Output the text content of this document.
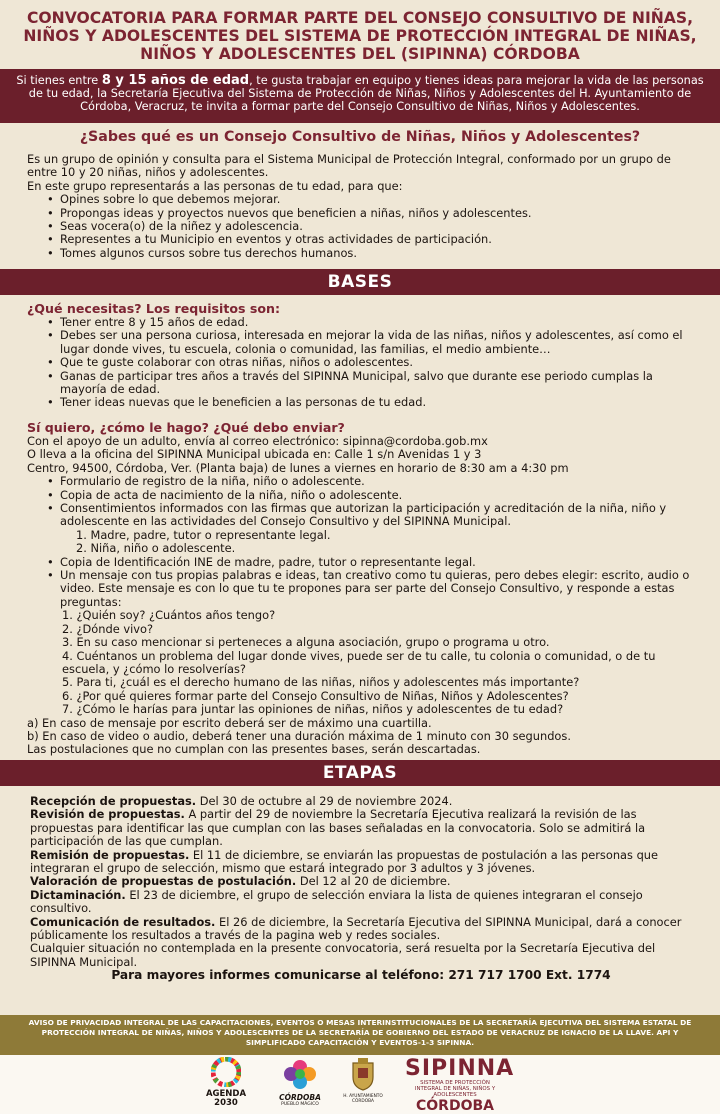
CONVOCATORIA PARA FORMAR PARTE DEL CONSEJO CONSULTIVO DE NIÑAS, NIÑOS Y ADOLESCENTES DEL SISTEMA DE PROTECCIÓN INTEGRAL DE NIÑAS, NIÑOS Y ADOLESCENTES DEL (SIPINNA) CÓRDOBA
Si tienes entre 8 y 15 años de edad, te gusta trabajar en equipo y tienes ideas para mejorar la vida de las personas de tu edad, la Secretaría Ejecutiva del Sistema de Protección de Niñas, Niños y Adolescentes del H. Ayuntamiento de Córdoba, Veracruz, te invita a formar parte del Consejo Consultivo de Niñas, Niños y Adolescentes.
¿Sabes qué es un Consejo Consultivo de Niñas, Niños y Adolescentes?

Es un grupo de opinión y consulta para el Sistema Municipal de Protección Integral, conformado por un grupo de entre 10 y 20 niñas, niños y adolescentes.

En este grupo representarás a las personas de tu edad, para que:

• Opines sobre lo que debemos mejorar.
• Propongas ideas y proyectos nuevos que beneficien a niñas, niños y adolescentes.
• Seas vocera(o) de la niñez y adolescencia.
• Representes a tu Municipio en eventos y otras actividades de participación.
• Tomes algunos cursos sobre tus derechos humanos.
BASES
¿Qué necesitas? Los requisitos son:
• Tener entre 8 y 15 años de edad.
• Debes ser una persona curiosa, interesada en mejorar la vida de las niñas, niños y adolescentes, así como el lugar donde vives, tu escuela, colonia o comunidad, las familias, el medio ambiente…
• Que te guste colaborar con otras niñas, niños o adolescentes.
• Ganas de participar tres años a través del SIPINNA Municipal, salvo que durante ese periodo cumplas la mayoría de edad.
• Tener ideas nuevas que le beneficien a las personas de tu edad.
Sí quiero, ¿cómo le hago? ¿Qué debo enviar?

Con el apoyo de un adulto, envía al correo electrónico: sipinna@cordoba.gob.mx

O lleva a la oficina del SIPINNA Municipal ubicada en: Calle 1 s/n Avenidas 1 y 3

Centro, 94500, Córdoba, Ver. (Planta baja) de lunes a viernes en horario de 8:30 am a 4:30 pm

• Formulario de registro de la niña, niño o adolescente.
• Copia de acta de nacimiento de la niña, niño o adolescente.
• Consentimientos informados con las firmas que autorizan la participación y acreditación de la niña, niño y adolescente en las actividades del Consejo Consultivo y del SIPINNA Municipal.
1. Madre, padre, tutor o representante legal.
2. Niña, niño o adolescente.
• Copia de Identificación INE de madre, padre, tutor o representante legal.
• Un mensaje con tus propias palabras e ideas, tan creativo como tu quieras, pero debes elegir: escrito, audio o video. Este mensaje es con lo que tu te propones para ser parte del Consejo Consultivo, y responde a estas preguntas:
1. ¿Quién soy? ¿Cuántos años tengo?
2. ¿Dónde vivo?
3. En su caso mencionar si perteneces a alguna asociación, grupo o programa u otro.
4. Cuéntanos un problema del lugar donde vives, puede ser de tu calle, tu colonia o comunidad, o de tu escuela, y ¿cómo lo resolverías?
5. Para ti, ¿cuál es el derecho humano de las niñas, niños y adolescentes más importante?
6. ¿Por qué quieres formar parte del Consejo Consultivo de Niñas, Niños y Adolescentes?
7. ¿Cómo le harías para juntar las opiniones de niñas, niños y adolescentes de tu edad?

a) En caso de mensaje por escrito deberá ser de máximo una cuartilla.

b) En caso de video o audio, deberá tener una duración máxima de 1 minuto con 30 segundos.

Las postulaciones que no cumplan con las presentes bases, serán descartadas.

ETAPAS

Recepción de propuestas. Del 30 de octubre al 29 de noviembre 2024.

Revisión de propuestas. A partir del 29 de noviembre la Secretaría Ejecutiva realizará la revisión de las propuestas para identificar las que cumplan con las bases señaladas en la convocatoria. Solo se admitirá la participación de las que cumplan.

Remisión de propuestas. El 11 de diciembre, se enviarán las propuestas de postulación a las personas que integraran el grupo de selección, mismo que estará integrado por 3 adultos y 3 jóvenes.

Valoración de propuestas de postulación. Del 12 al 20 de diciembre.

Dictaminación. El 23 de diciembre, el grupo de selección enviara la lista de quienes integraran el consejo consultivo.

Comunicación de resultados. El 26 de diciembre, la Secretaría Ejecutiva del SIPINNA Municipal, dará a conocer públicamente los resultados a través de la pagina web y redes sociales.

Cualquier situación no contemplada en la presente convocatoria, será resuelta por la Secretaría Ejecutiva del SIPINNA Municipal.

Para mayores informes comunicarse al teléfono: 271 717 1700 Ext. 1774

AVISO DE PRIVACIDAD INTEGRAL DE LAS CAPACITACIONES, EVENTOS O MESAS INTERINSTITUCIONALES DE LA SECRETARÍA EJECUTIVA DEL SISTEMA ESTATAL DE PROTECCIÓN INTEGRAL DE NIÑAS, NIÑOS Y ADOLESCENTES DE LA SECRETARÍA DE GOBIERNO DEL ESTADO DE VERACRUZ DE IGNACIO DE LA LLAVE. API Y SIMPLIFICADO CAPACITACIÓN Y EVENTOS-1-3 SIPINNA.
AGENDA
2030
CÓRDOBA
PUEBLO MÁGICO
H. AYUNTAMIENTO CÓRDOBA
SIPINNA
SISTEMA DE PROTECCIÓN INTEGRAL DE NIÑAS, NIÑOS Y ADOLESCENTES
CÓRDOBA
